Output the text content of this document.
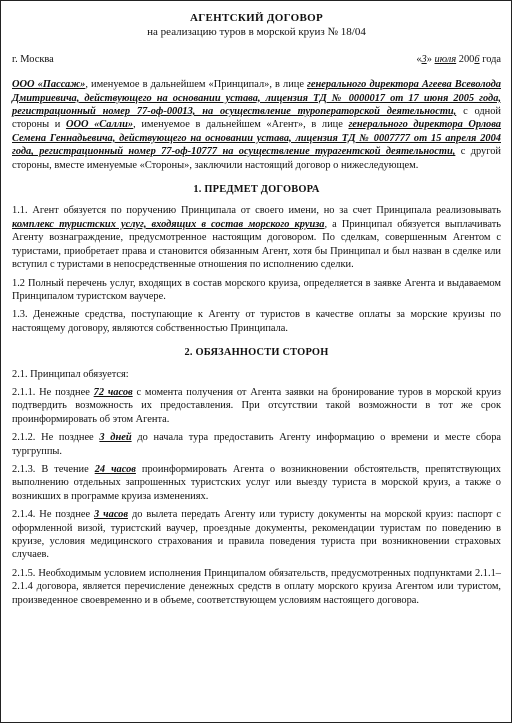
АГЕНТСКИЙ ДОГОВОР
на реализацию туров в морской круиз № 18/04
г. Москва	«3» июля 2006 года

ООО «Пассаж», именуемое в дальнейшем «Принципал», в лице генерального директора Агеева Всеволода Дмитриевича, действующего на основании устава, лицензия ТД № 0000017 от 17 июня 2005 года, регистрационный номер 77-оф-00013, на осуществление туроператорской деятельности, с одной стороны и ООО «Салли», именуемое в дальнейшем «Агент», в лице генерального директора Орлова Семена Геннадьевича, действующего на основании устава, лицензия ТД № 0007777 от 15 апреля 2004 года, регистрационный номер 77-оф-10777 на осуществление турагентской деятельности, с другой стороны, вместе именуемые «Стороны», заключили настоящий договор о нижеследующем.

1. ПРЕДМЕТ ДОГОВОРА

1.1. Агент обязуется по поручению Принципала от своего имени, но за счет Принципала реализовывать комплекс туристских услуг, входящих в состав морского круиза, а Принципал обязуется выплачивать Агенту вознаграждение, предусмотренное настоящим договором. По сделкам, совершенным Агентом с туристами, приобретает права и становится обязанным Агент, хотя бы Принципал и был назван в сделке или вступил с туристами в непосредственные отношения по исполнению сделки.

1.2 Полный перечень услуг, входящих в состав морского круиза, определяется в заявке Агента и выдаваемом Принципалом туристском ваучере.

1.3. Денежные средства, поступающие к Агенту от туристов в качестве оплаты за морские круизы по настоящему договору, являются собственностью Принципала.

2. ОБЯЗАННОСТИ СТОРОН

2.1. Принципал обязуется:

2.1.1. Не позднее 72 часов с момента получения от Агента заявки на бронирование туров в морской круиз подтвердить возможность их предоставления. При отсутствии такой возможности в тот же срок проинформировать об этом Агента.

2.1.2. Не позднее 3 дней до начала тура предоставить Агенту информацию о времени и месте сбора тургруппы.

2.1.3. В течение 24 часов проинформировать Агента о возникновении обстоятельств, препятствующих выполнению отдельных запрошенных туристских услуг или выезду туриста в морской круиз, а также о возникших в программе круиза изменениях.

2.1.4. Не позднее 3 часов до вылета передать Агенту или туристу документы на морской круиз: паспорт с оформленной визой, туристский ваучер, проездные документы, рекомендации туристам по поведению в круизе, условия медицинского страхования и правила поведения туриста при возникновении страховых случаев.

2.1.5. Необходимым условием исполнения Принципалом обязательств, предусмотренных подпунктами 2.1.1–2.1.4 договора, является перечисление денежных средств в оплату морского круиза Агентом или туристом, произведенное своевременно и в объеме, соответствующем условиям настоящего договора.
